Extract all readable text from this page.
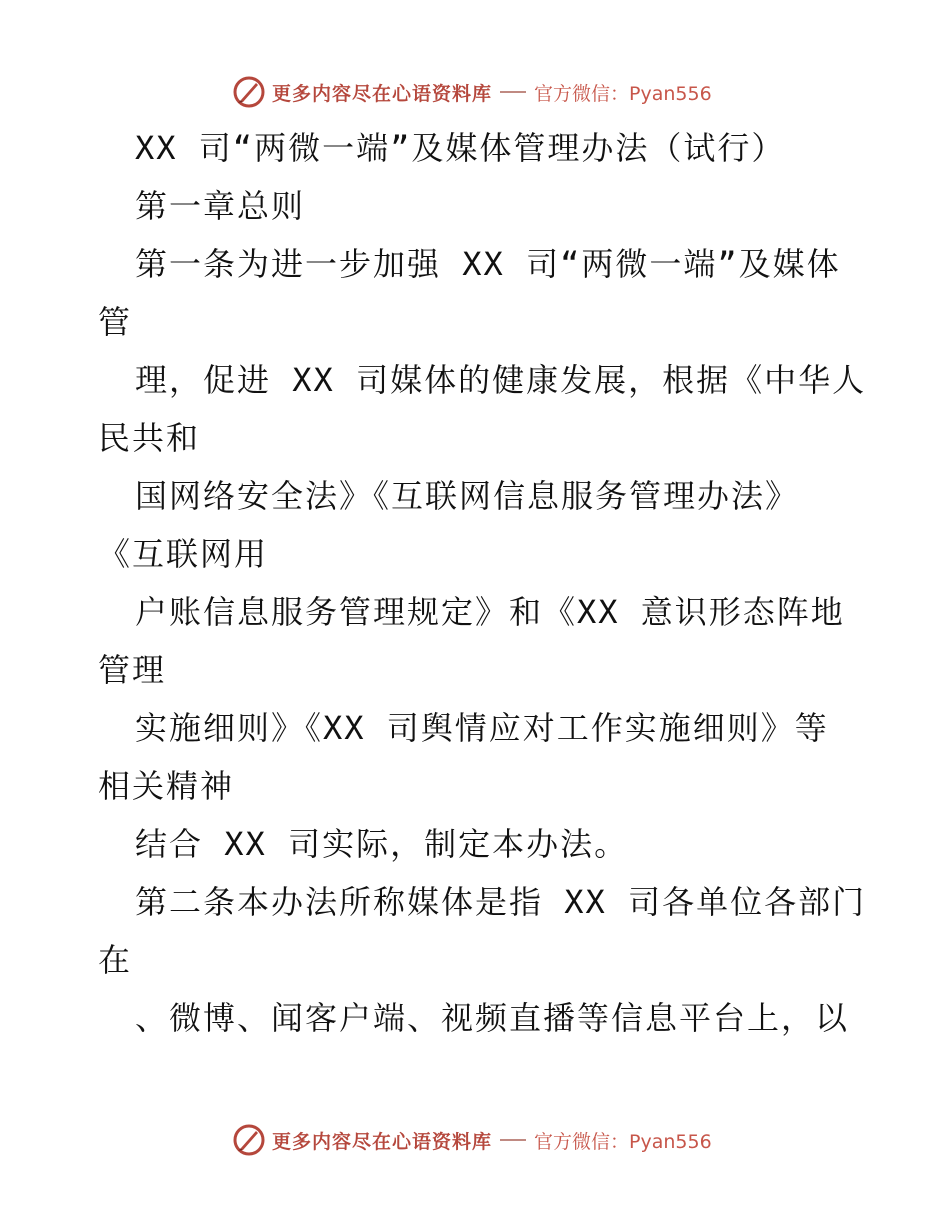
更多内容尽在心语资料库 官方微信：Pyan556
XX 司“两微一端”及媒体管理办法（试行）
第一章总则
第一条为进一步加强 XX 司“两微一端”及媒体
管
理，促进 XX 司媒体的健康发展，根据《中华人
民共和
国网络安全法》《互联网信息服务管理办法》
《互联网用
户账信息服务管理规定》和《XX 意识形态阵地
管理
实施细则》《XX 司舆情应对工作实施细则》等
相关精神
结合 XX 司实际，制定本办法。
第二条本办法所称媒体是指 XX 司各单位各部门
在
、微博、闻客户端、视频直播等信息平台上，以
更多内容尽在心语资料库 官方微信：Pyan556
